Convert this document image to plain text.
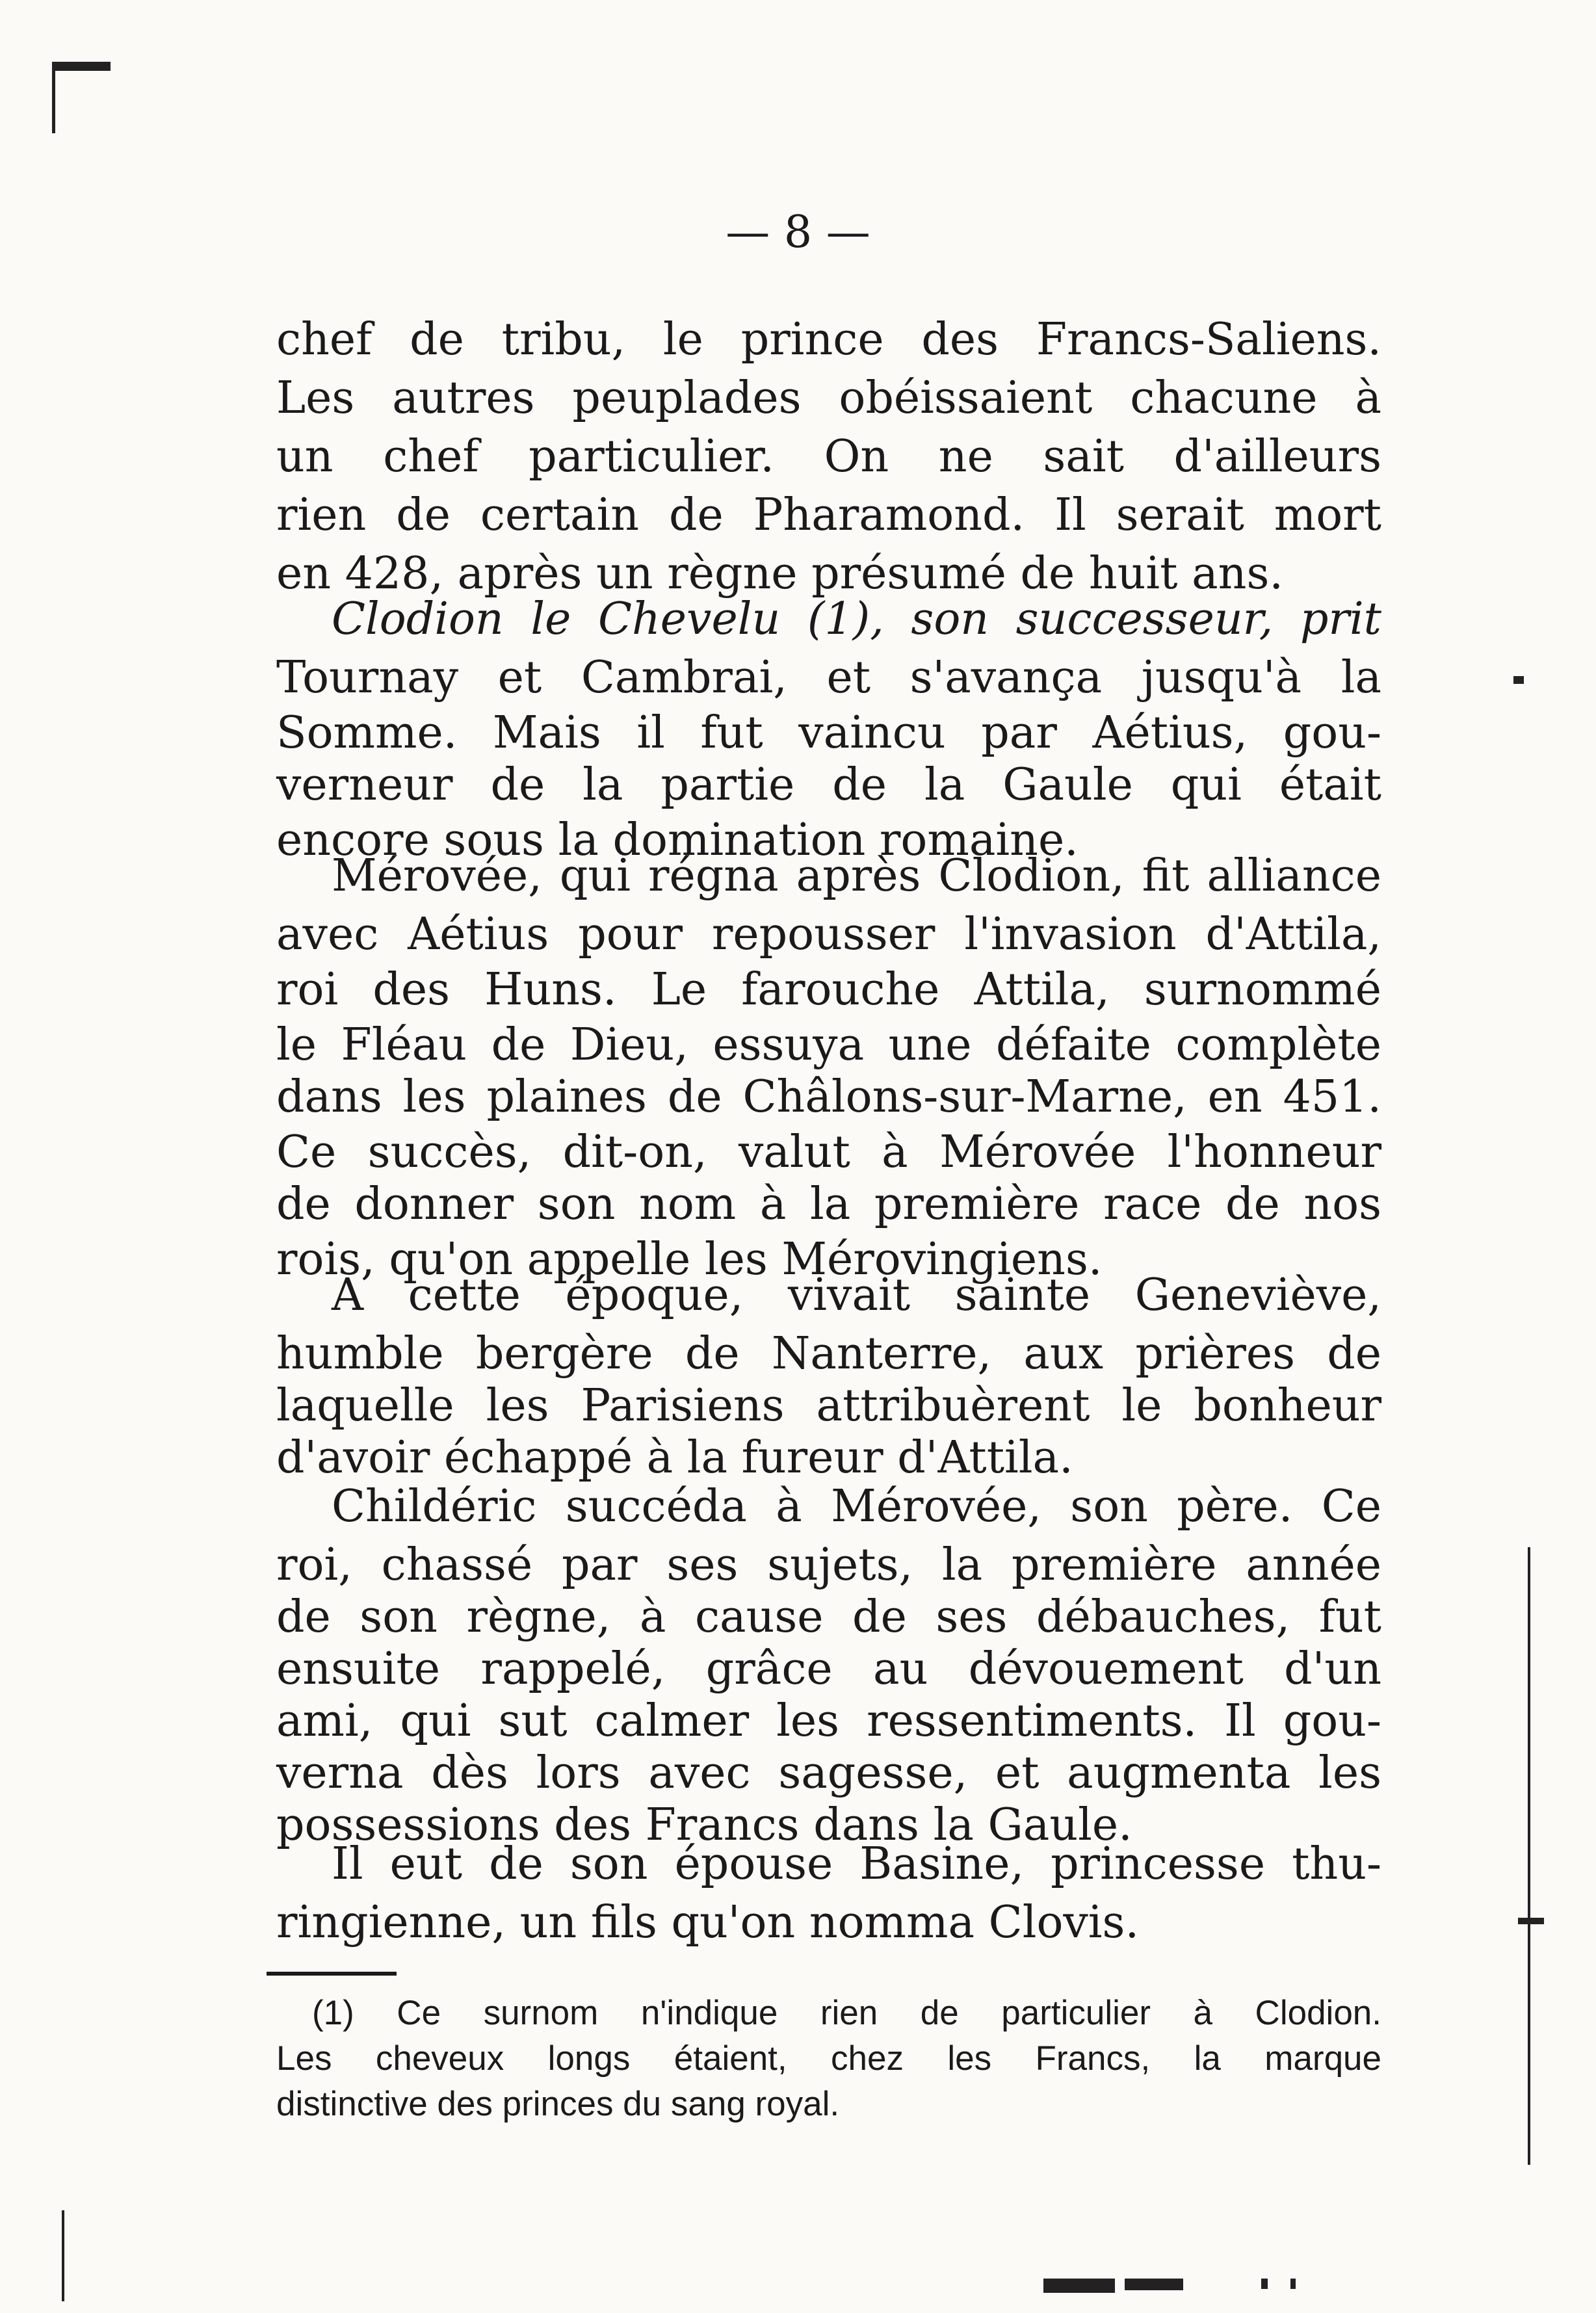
— 8 —
chef de tribu, le prince des Francs-Saliens.
Les autres peuplades obéissaient chacune à
un chef particulier. On ne sait d'ailleurs
rien de certain de Pharamond. Il serait mort
en 428, après un règne présumé de huit ans.
Clodion le Chevelu (1), son successeur, prit
Tournay et Cambrai, et s'avança jusqu'à la
Somme. Mais il fut vaincu par Aétius, gou-
verneur de la partie de la Gaule qui était
encore sous la domination romaine.
Mérovée, qui régna après Clodion, fit alliance
avec Aétius pour repousser l'invasion d'Attila,
roi des Huns. Le farouche Attila, surnommé
le Fléau de Dieu, essuya une défaite complète
dans les plaines de Châlons-sur-Marne, en 451.
Ce succès, dit-on, valut à Mérovée l'honneur
de donner son nom à la première race de nos
rois, qu'on appelle les Mérovingiens.
A cette époque, vivait sainte Geneviève,
humble bergère de Nanterre, aux prières de
laquelle les Parisiens attribuèrent le bonheur
d'avoir échappé à la fureur d'Attila.
Childéric succéda à Mérovée, son père. Ce
roi, chassé par ses sujets, la première année
de son règne, à cause de ses débauches, fut
ensuite rappelé, grâce au dévouement d'un
ami, qui sut calmer les ressentiments. Il gou-
verna dès lors avec sagesse, et augmenta les
possessions des Francs dans la Gaule.
Il eut de son épouse Basine, princesse thu-
ringienne, un fils qu'on nomma Clovis.
(1) Ce surnom n'indique rien de particulier à Clodion.
Les cheveux longs étaient, chez les Francs, la marque
distinctive des princes du sang royal.
